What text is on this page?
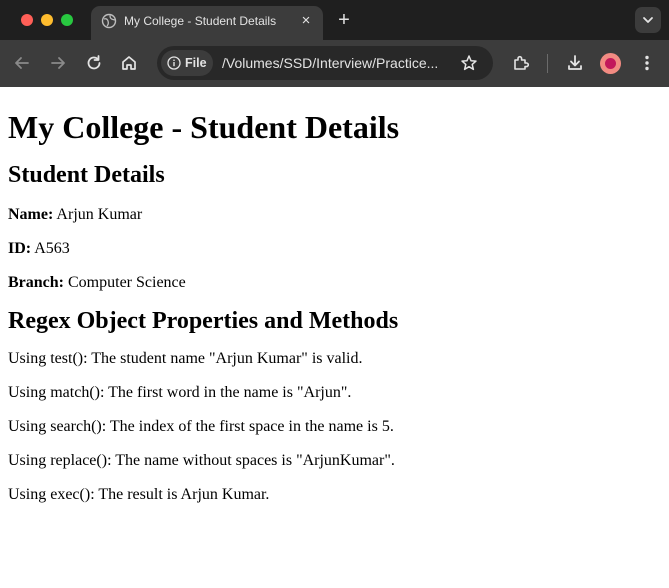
My College - Student Details	× +
File /Volumes/SSD/Interview/Practice...
My College - Student Details
Student Details

Name: Arjun Kumar

ID: A563

Branch: Computer Science

Regex Object Properties and Methods

Using test(): The student name "Arjun Kumar" is valid.

Using match(): The first word in the name is "Arjun".

Using search(): The index of the first space in the name is 5.

Using replace(): The name without spaces is "ArjunKumar".

Using exec(): The result is Arjun Kumar.
